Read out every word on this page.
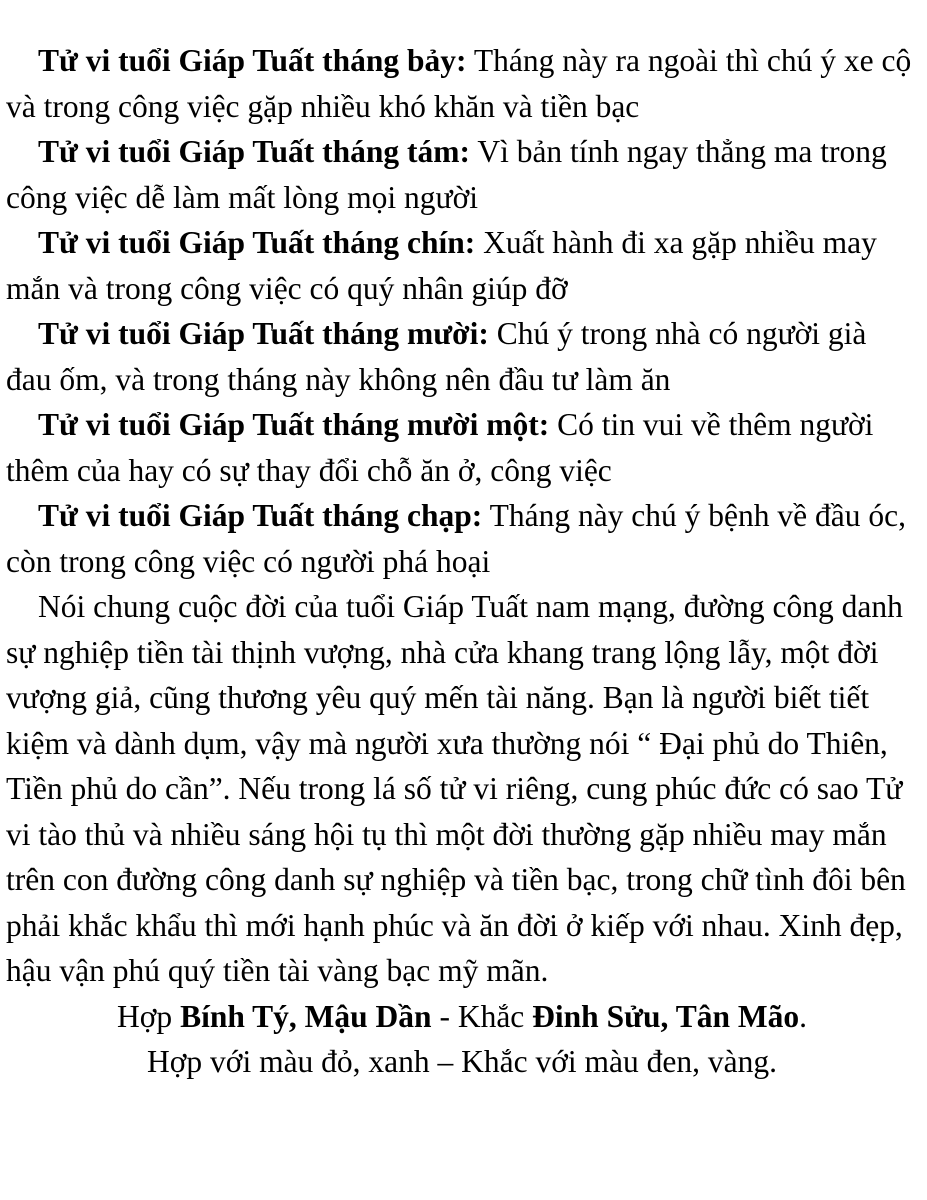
Tử vi tuổi Giáp Tuất tháng bảy: Tháng này ra ngoài thì chú ý xe cộ và trong công việc gặp nhiều khó khăn và tiền bạc

Tử vi tuổi Giáp Tuất tháng tám: Vì bản tính ngay thẳng ma trong công việc dễ làm mất lòng mọi người

Tử vi tuổi Giáp Tuất tháng chín: Xuất hành đi xa gặp nhiều may mắn và trong công việc có quý nhân giúp đỡ

Tử vi tuổi Giáp Tuất tháng mười: Chú ý trong nhà có người già đau ốm, và trong tháng này không nên đầu tư làm ăn

Tử vi tuổi Giáp Tuất tháng mười một: Có tin vui về thêm người thêm của hay có sự thay đổi chỗ ăn ở, công việc

Tử vi tuổi Giáp Tuất tháng chạp: Tháng này chú ý bệnh về đầu óc, còn trong công việc có người phá hoại

Nói chung cuộc đời của tuổi Giáp Tuất nam mạng, đường công danh sự nghiệp tiền tài thịnh vượng, nhà cửa khang trang lộng lẫy, một đời vượng giả, cũng thương yêu quý mến tài năng. Bạn là người biết tiết kiệm và dành dụm, vậy mà người xưa thường nói “ Đại phủ do Thiên, Tiền phủ do cần”. Nếu trong lá số tử vi riêng, cung phúc đức có sao Tử vi tào thủ và nhiều sáng hội tụ thì một đời thường gặp nhiều may mắn trên con đường công danh sự nghiệp và tiền bạc, trong chữ tình đôi bên phải khắc khẩu thì mới hạnh phúc và ăn đời ở kiếp với nhau. Xinh đẹp, hậu vận phú quý tiền tài vàng bạc mỹ mãn.

Hợp Bính Tý, Mậu Dần - Khắc Đinh Sửu, Tân Mão.

Hợp với màu đỏ, xanh – Khắc với màu đen, vàng.
